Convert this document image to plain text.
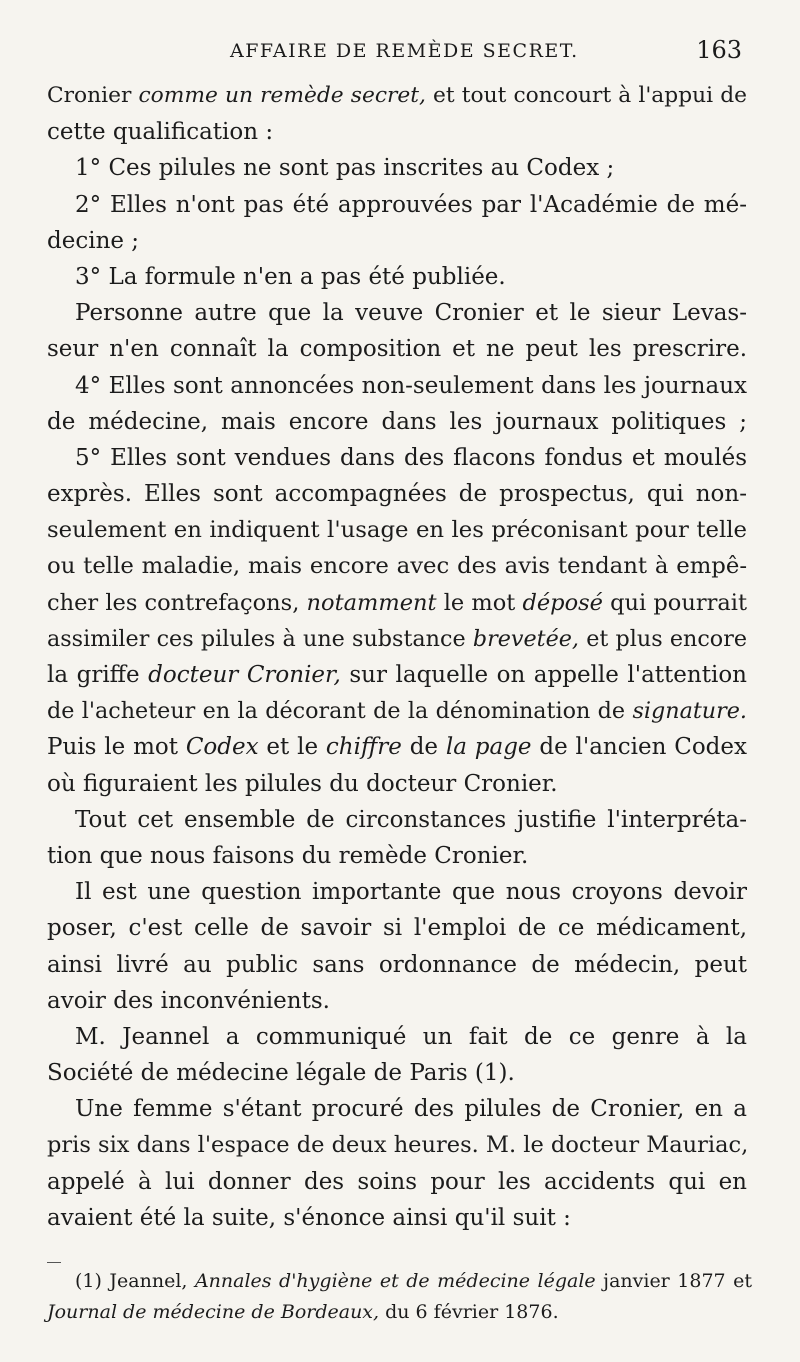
AFFAIRE DE REMÈDE SECRET.	163
Cronier comme un remède secret, et tout concourt à l'appui de
cette qualification :
1° Ces pilules ne sont pas inscrites au Codex ;
2° Elles n'ont pas été approuvées par l'Académie de mé-
decine ;
3° La formule n'en a pas été publiée.
Personne autre que la veuve Cronier et le sieur Levas-
seur n'en connaît la composition et ne peut les prescrire.
4° Elles sont annoncées non-seulement dans les journaux
de médecine, mais encore dans les journaux politiques ;
5° Elles sont vendues dans des flacons fondus et moulés
exprès. Elles sont accompagnées de prospectus, qui non-
seulement en indiquent l'usage en les préconisant pour telle
ou telle maladie, mais encore avec des avis tendant à empê-
cher les contrefaçons, notamment le mot déposé qui pourrait
assimiler ces pilules à une substance brevetée, et plus encore
la griffe docteur Cronier, sur laquelle on appelle l'attention
de l'acheteur en la décorant de la dénomination de signature.
Puis le mot Codex et le chiffre de la page de l'ancien Codex
où figuraient les pilules du docteur Cronier.
Tout cet ensemble de circonstances justifie l'interpréta-
tion que nous faisons du remède Cronier.
Il est une question importante que nous croyons devoir
poser, c'est celle de savoir si l'emploi de ce médicament,
ainsi livré au public sans ordonnance de médecin, peut
avoir des inconvénients.
M. Jeannel a communiqué un fait de ce genre à la
Société de médecine légale de Paris (1).
Une femme s'étant procuré des pilules de Cronier, en a
pris six dans l'espace de deux heures. M. le docteur Mauriac,
appelé à lui donner des soins pour les accidents qui en
avaient été la suite, s'énonce ainsi qu'il suit :
(1) Jeannel, Annales d'hygiène et de médecine légale janvier 1877 et
Journal de médecine de Bordeaux, du 6 février 1876.
